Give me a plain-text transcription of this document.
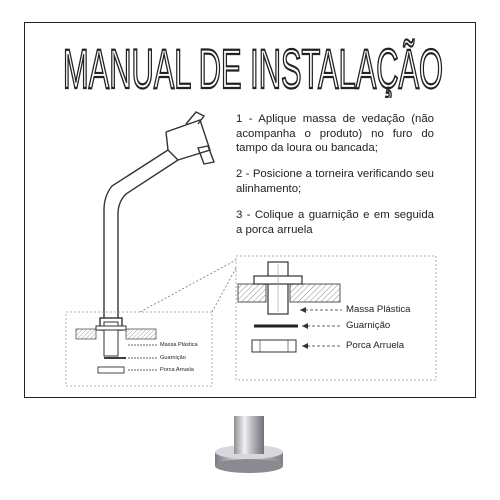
MANUAL DE INSTALAÇÃO
1 - Aplique massa de vedação (não acompanha o produto) no furo do tampo da loura ou bancada;
2 - Posicione a torneira verificando seu alinhamento;
3 - Colique a guarnição e em seguida a porca arruela
Massa Plástica
Guarnição
Porca Arruela
Massa Plástica
Guarnição
Porca Arruela
